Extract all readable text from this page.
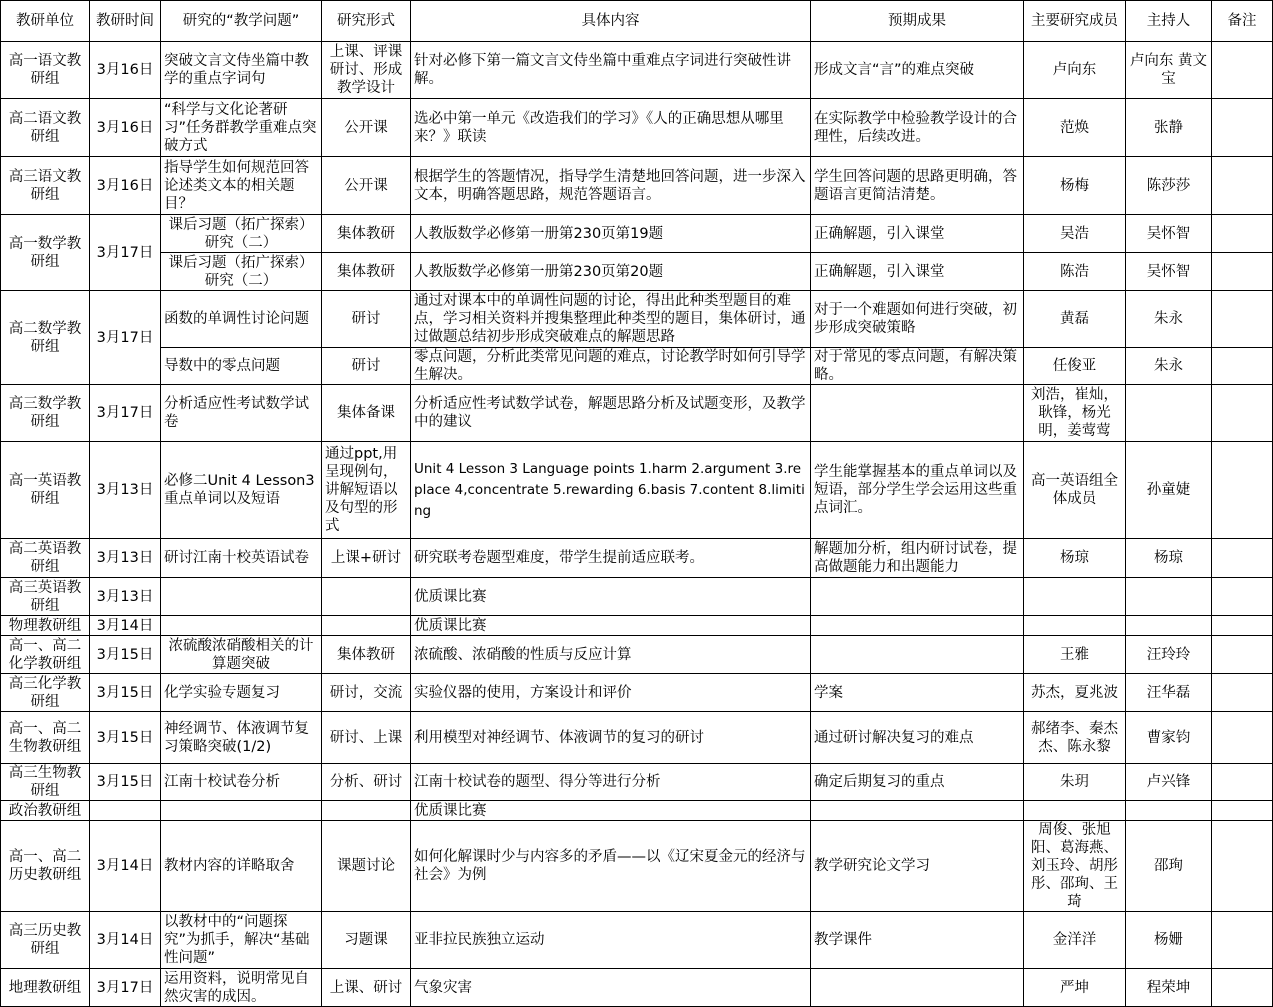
教研单位	教研时间	研究的“教学问题”	研究形式	具体内容	预期成果	主要研究成员	主持人	备注
高一语文教研组	3月16日	突破文言文侍坐篇中教学的重点字词句	上课、评课研讨、形成教学设计	针对必修下第一篇文言文侍坐篇中重难点字词进行突破性讲解。	形成文言“言”的难点突破	卢向东	卢向东 黄文宝	
高二语文教研组	3月16日	“科学与文化论著研习”任务群教学重难点突破方式	公开课	选必中第一单元《改造我们的学习》《人的正确思想从哪里来？》联读	在实际教学中检验教学设计的合理性，后续改进。	范焕	张静	
高三语文教研组	3月16日	指导学生如何规范回答论述类文本的相关题目？	公开课	根据学生的答题情况，指导学生清楚地回答问题，进一步深入文本，明确答题思路，规范答题语言。	学生回答问题的思路更明确，答题语言更简洁清楚。	杨梅	陈莎莎	
高一数学教研组	3月17日	课后习题（拓广探索）研究（二）	集体教研	人教版数学必修第一册第230页第19题	正确解题，引入课堂	吴浩	吴怀智	
		课后习题（拓广探索）研究（二）	集体教研	人教版数学必修第一册第230页第20题	正确解题，引入课堂	陈浩	吴怀智	
高二数学教研组	3月17日	函数的单调性讨论问题	研讨	通过对课本中的单调性问题的讨论，得出此种类型题目的难点，学习相关资料并搜集整理此种类型的题目，集体研讨，通过做题总结初步形成突破难点的解题思路	对于一个难题如何进行突破，初步形成突破策略	黄磊	朱永	
		导数中的零点问题	研讨	零点问题，分析此类常见问题的难点，讨论教学时如何引导学生解决。	对于常见的零点问题，有解决策略。	任俊亚	朱永	
高三数学教研组	3月17日	分析适应性考试数学试卷	集体备课	分析适应性考试数学试卷，解题思路分析及试题变形，及教学中的建议		刘浩，崔灿，耿锋，杨光明，姜莺莺		
高一英语教研组	3月13日	必修二Unit 4 Lesson3重点单词以及短语	通过ppt,用呈现例句，讲解短语以及句型的形式	Unit 4 Lesson 3 Language points 1.harm 2.argument 3.replace 4,concentrate 5.rewarding 6.basis 7.content 8.limiting	学生能掌握基本的重点单词以及短语，部分学生学会运用这些重点词汇。	高一英语组全体成员	孙童婕	
高二英语教研组	3月13日	研讨江南十校英语试卷	上课+研讨	研究联考卷题型难度，带学生提前适应联考。	解题加分析，组内研讨试卷，提高做题能力和出题能力	杨琼	杨琼	
高三英语教研组	3月13日			优质课比赛				
物理教研组	3月14日			优质课比赛				
高一、高二化学教研组	3月15日	浓硫酸浓硝酸相关的计算题突破	集体教研	浓硫酸、浓硝酸的性质与反应计算		王雅	汪玲玲	
高三化学教研组	3月15日	化学实验专题复习	研讨，交流	实验仪器的使用，方案设计和评价	学案	苏杰，夏兆波	汪华磊	
高一、高二生物教研组	3月15日	神经调节、体液调节复习策略突破(1/2)	研讨、上课	利用模型对神经调节、体液调节的复习的研讨	通过研讨解决复习的难点	郝绪李、秦杰杰、陈永黎	曹家钧	
高三生物教研组	3月15日	江南十校试卷分析	分析、研讨	江南十校试卷的题型、得分等进行分析	确定后期复习的重点	朱玥	卢兴锋	
政治教研组				优质课比赛				
高一、高二历史教研组	3月14日	教材内容的详略取舍	课题讨论	如何化解课时少与内容多的矛盾——以《辽宋夏金元的经济与社会》为例	教学研究论文学习	周俊、张旭阳、葛海燕、刘玉玲、胡彤彤、邵珣、王琦	邵珣	
高三历史教研组	3月14日	以教材中的“问题探究”为抓手，解决“基础性问题”	习题课	亚非拉民族独立运动	教学课件	金洋洋	杨姗	
地理教研组	3月17日	运用资料，说明常见自然灾害的成因。	上课、研讨	气象灾害		严坤	程荣坤	
